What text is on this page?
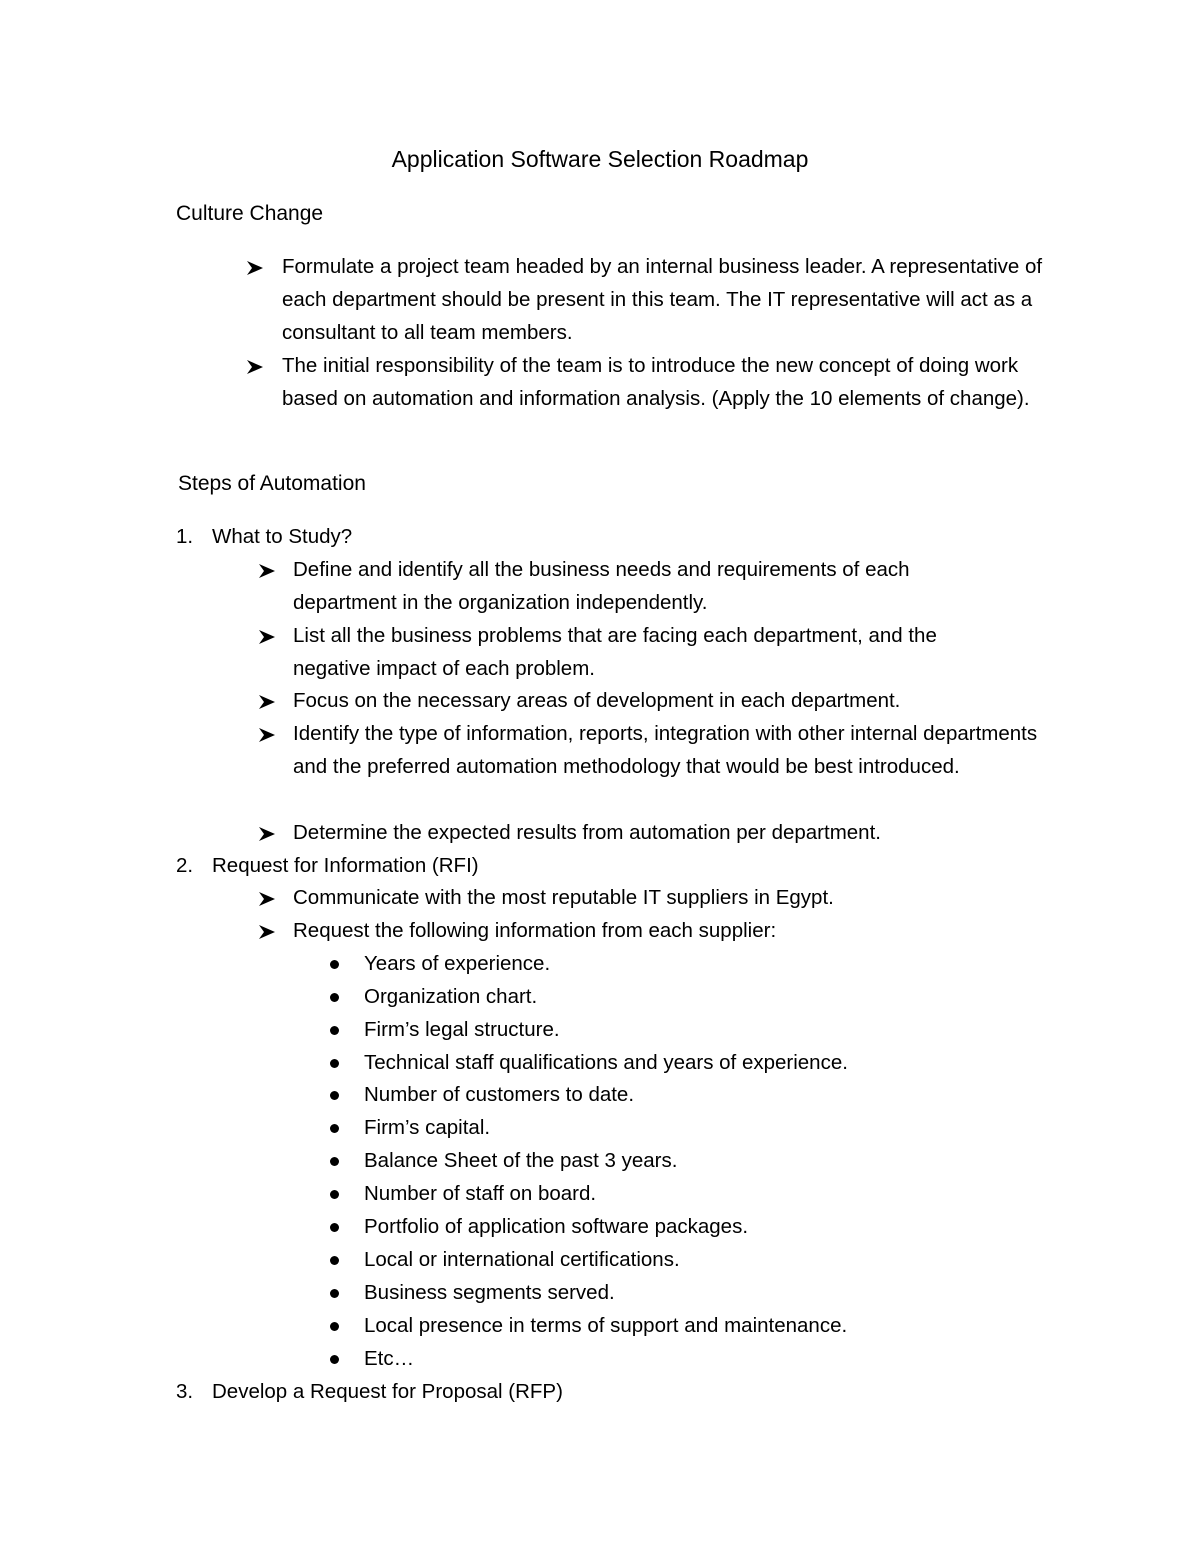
Application Software Selection Roadmap
Culture Change
Formulate a project team headed by an internal business leader. A representative of each department should be present in this team. The IT representative will act as a consultant to all team members.
The initial responsibility of the team is to introduce the new concept of doing work based on automation and information analysis. (Apply the 10 elements of change).
Steps of Automation
1. What to Study?
Define and identify all the business needs and requirements of each department in the organization independently.
List all the business problems that are facing each department, and the negative impact of each problem.
Focus on the necessary areas of development in each department.
Identify the type of information, reports, integration with other internal departments and the preferred automation methodology that would be best introduced.
Determine the expected results from automation per department.
2. Request for Information (RFI)
Communicate with the most reputable IT suppliers in Egypt.
Request the following information from each supplier:
Years of experience.
Organization chart.
Firm’s legal structure.
Technical staff qualifications and years of experience.
Number of customers to date.
Firm’s capital.
Balance Sheet of the past 3 years.
Number of staff on board.
Portfolio of application software packages.
Local or international certifications.
Business segments served.
Local presence in terms of support and maintenance.
Etc…
3. Develop a Request for Proposal (RFP)
